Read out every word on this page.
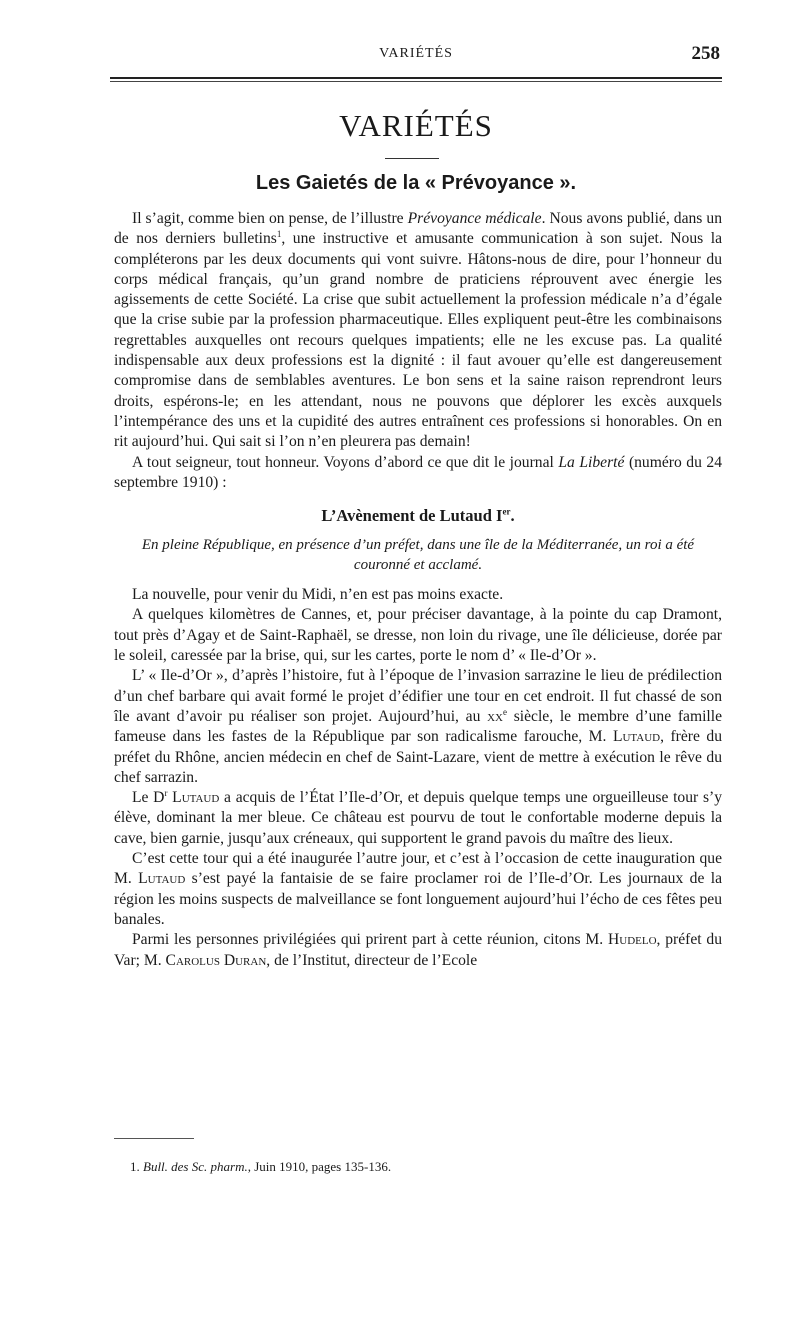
VARIÉTÉS	258
VARIÉTÉS
Les Gaietés de la « Prévoyance ».

Il s’agit, comme bien on pense, de l’illustre Prévoyance médicale. Nous avons publié, dans un de nos derniers bulletins$^1$, une instructive et amusante communication à son sujet. Nous la compléterons par les deux documents qui vont suivre. Hâtons-nous de dire, pour l’honneur du corps médical français, qu’un grand nombre de praticiens réprouvent avec énergie les agissements de cette Société. La crise que subit actuellement la profession médicale n’a d’égale que la crise subie par la profession pharmaceutique. Elles expliquent peut-être les combinaisons regrettables auxquelles ont recours quelques impatients; elle ne les excuse pas. La qualité indispensable aux deux professions est la dignité : il faut avouer qu’elle est dangereusement compromise dans de semblables aventures. Le bon sens et la saine raison reprendront leurs droits, espérons-le; en les attendant, nous ne pouvons que déplorer les excès auxquels l’intempérance des uns et la cupidité des autres entraînent ces professions si honorables. On en rit aujourd’hui. Qui sait si l’on n’en pleurera pas demain!

A tout seigneur, tout honneur. Voyons d’abord ce que dit le journal La Liberté (numéro du 24 septembre 1910) :

L’Avènement de Lutaud Ier.
En pleine République, en présence d’un préfet, dans une île de la Méditerranée, un roi a été couronné et acclamé.

La nouvelle, pour venir du Midi, n’en est pas moins exacte.

A quelques kilomètres de Cannes, et, pour préciser davantage, à la pointe du cap Dramont, tout près d’Agay et de Saint-Raphaël, se dresse, non loin du rivage, une île délicieuse, dorée par le soleil, caressée par la brise, qui, sur les cartes, porte le nom d’ « Ile-d’Or ».

L’ « Ile-d’Or », d’après l’histoire, fut à l’époque de l’invasion sarrazine le lieu de prédilection d’un chef barbare qui avait formé le projet d’édifier une tour en cet endroit. Il fut chassé de son île avant d’avoir pu réaliser son projet. Aujourd’hui, au $xx^e$ siècle, le membre d’une famille fameuse dans les fastes de la République par son radicalisme farouche, M. Lutaud, frère du préfet du Rhône, ancien médecin en chef de Saint-Lazare, vient de mettre à exécution le rêve du chef sarrazin.

Le $D^r$ Lutaud a acquis de l’État l’Ile-d’Or, et depuis quelque temps une orgueilleuse tour s’y élève, dominant la mer bleue. Ce château est pourvu de tout le confortable moderne depuis la cave, bien garnie, jusqu’aux créneaux, qui supportent le grand pavois du maître des lieux.

C’est cette tour qui a été inaugurée l’autre jour, et c’est à l’occasion de cette inauguration que M. Lutaud s’est payé la fantaisie de se faire proclamer roi de l’Ile-d’Or. Les journaux de la région les moins suspects de malveillance se font longuement aujourd’hui l’écho de ces fêtes peu banales.

Parmi les personnes privilégiées qui prirent part à cette réunion, citons M. Hudelo, préfet du Var; M. Carolus Duran, de l’Institut, directeur de l’Ecole

1. Bull. des Sc. pharm., Juin 1910, pages 135-136.
